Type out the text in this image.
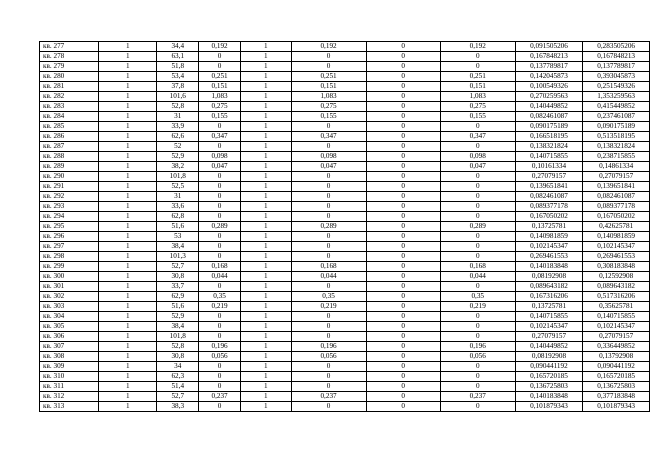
кв. 277	1	34,4	0,192	1	0,192	0	0,192	0,091505206	0,283505206
кв. 278	1	63,1	0	1	0	0	0	0,167848213	0,167848213
кв. 279	1	51,8	0	1	0	0	0	0,137789817	0,137789817
кв. 280	1	53,4	0,251	1	0,251	0	0,251	0,142045873	0,393045873
кв. 281	1	37,8	0,151	1	0,151	0	0,151	0,100549326	0,251549326
кв. 282	1	101,6	1,083	1	1,083	0	1,083	0,270259563	1,353259563
кв. 283	1	52,8	0,275	1	0,275	0	0,275	0,140449852	0,415449852
кв. 284	1	31	0,155	1	0,155	0	0,155	0,082461087	0,237461087
кв. 285	1	33,9	0	1	0	0	0	0,090175189	0,090175189
кв. 286	1	62,6	0,347	1	0,347	0	0,347	0,166518195	0,513518195
кв. 287	1	52	0	1	0	0	0	0,138321824	0,138321824
кв. 288	1	52,9	0,098	1	0,098	0	0,098	0,140715855	0,238715855
кв. 289	1	38,2	0,047	1	0,047	0	0,047	0,10161334	0,14861334
кв. 290	1	101,8	0	1	0	0	0	0,27079157	0,27079157
кв. 291	1	52,5	0	1	0	0	0	0,139651841	0,139651841
кв. 292	1	31	0	1	0	0	0	0,082461087	0,082461087
кв. 293	1	33,6	0	1	0	0	0	0,089377178	0,089377178
кв. 294	1	62,8	0	1	0	0	0	0,167050202	0,167050202
кв. 295	1	51,6	0,289	1	0,289	0	0,289	0,13725781	0,42625781
кв. 296	1	53	0	1	0	0	0	0,140981859	0,140981859
кв. 297	1	38,4	0	1	0	0	0	0,102145347	0,102145347
кв. 298	1	101,3	0	1	0	0	0	0,269461553	0,269461553
кв. 299	1	52,7	0,168	1	0,168	0	0,168	0,140183848	0,308183848
кв. 300	1	30,8	0,044	1	0,044	0	0,044	0,08192908	0,12592908
кв. 301	1	33,7	0	1	0	0	0	0,089643182	0,089643182
кв. 302	1	62,9	0,35	1	0,35	0	0,35	0,167316206	0,517316206
кв. 303	1	51,6	0,219	1	0,219	0	0,219	0,13725781	0,35625781
кв. 304	1	52,9	0	1	0	0	0	0,140715855	0,140715855
кв. 305	1	38,4	0	1	0	0	0	0,102145347	0,102145347
кв. 306	1	101,8	0	1	0	0	0	0,27079157	0,27079157
кв. 307	1	52,8	0,196	1	0,196	0	0,196	0,140449852	0,336449852
кв. 308	1	30,8	0,056	1	0,056	0	0,056	0,08192908	0,13792908
кв. 309	1	34	0	1	0	0	0	0,090441192	0,090441192
кв. 310	1	62,3	0	1	0	0	0	0,165720185	0,165720185
кв. 311	1	51,4	0	1	0	0	0	0,136725803	0,136725803
кв. 312	1	52,7	0,237	1	0,237	0	0,237	0,140183848	0,377183848
кв. 313	1	38,3	0	1	0	0	0	0,101879343	0,101879343
